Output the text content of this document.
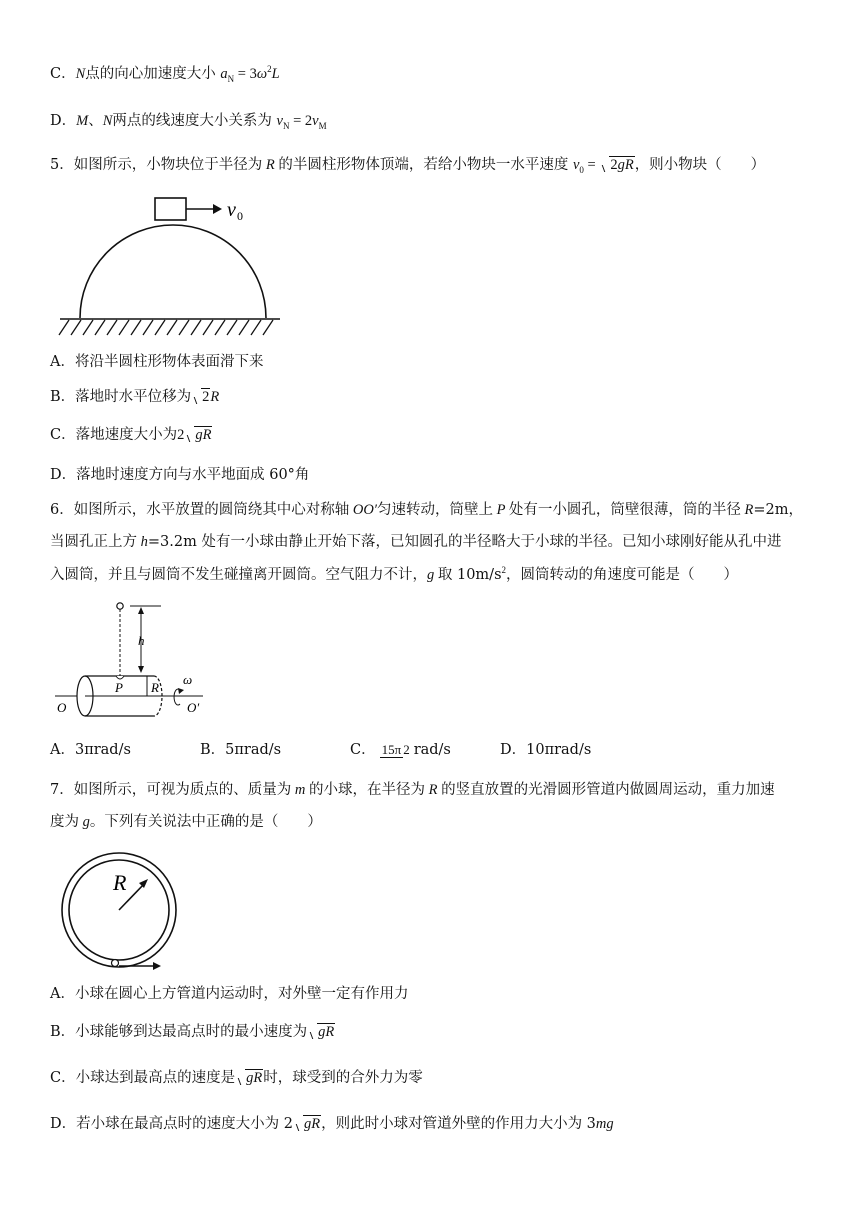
C．N点的向心加速度大小 $a_N = 3\omega^2L$
D．M、N两点的线速度大小关系为 $v_N = 2v_M$
5．如图所示，小物块位于半径为 R 的半圆柱形物体顶端，若给小物块一水平速度 $v_0 = 2gR$，则小物块（　　）
v 0
A．将沿半圆柱形物体表面滑下来
B．落地时水平位移为 2R
C．落地速度大小为2 gR
D．落地时速度方向与水平地面成 60°角
6．如图所示，水平放置的圆筒绕其中心对称轴 OO′匀速转动，筒壁上 P 处有一小圆孔，筒壁很薄，筒的半径 R=2m，
当圆孔正上方 h=3.2m 处有一小球由静止开始下落，已知圆孔的半径略大于小球的半径。已知小球刚好能从孔中进
入圆筒，并且与圆筒不发生碰撞离开圆筒。空气阻力不计，g 取 $10m/s^2$，圆筒转动的角速度可能是（　　）
h
P R
O	O′
ω
A．3πrad/s	B．5πrad/s	C． 15π 2 rad/s	D．10πrad/s
7．如图所示，可视为质点的、质量为 m 的小球，在半径为 R 的竖直放置的光滑圆形管道内做圆周运动，重力加速
度为 g。下列有关说法中正确的是（　　）
R
A．小球在圆心上方管道内运动时，对外壁一定有作用力
B．小球能够到达最高点时的最小速度为 gR
C．小球达到最高点的速度是 gR时，球受到的合外力为零
D．若小球在最高点时的速度大小为 2 gR，则此时小球对管道外壁的作用力大小为 3mg
